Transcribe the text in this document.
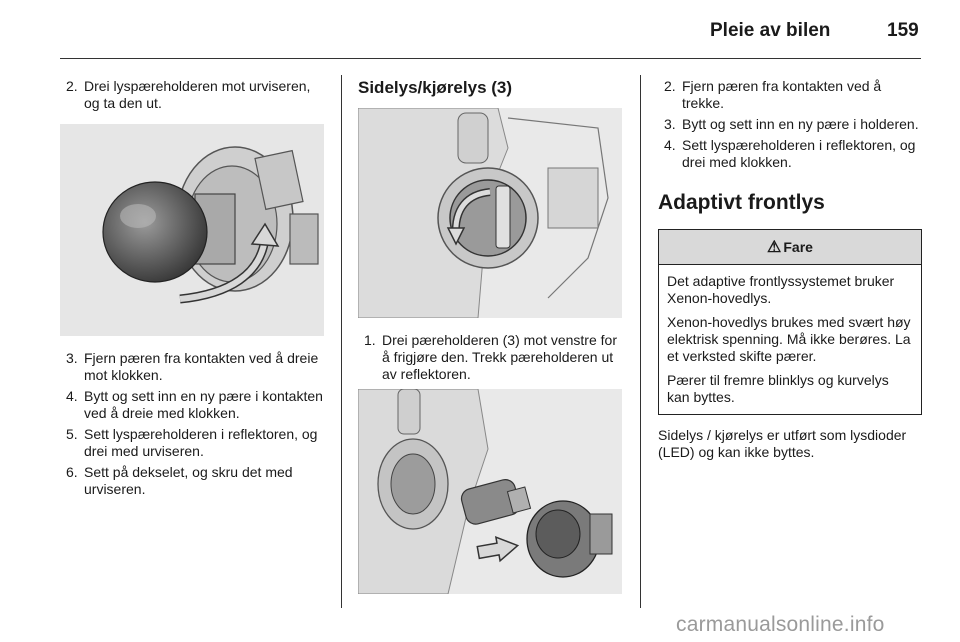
Pleie av bilen	159
2. Drei lyspæreholderen mot urviseren, og ta den ut.
3. Fjern pæren fra kontakten ved å dreie mot klokken.
4. Bytt og sett inn en ny pære i kontakten ved å dreie med klokken.
5. Sett lyspæreholderen i reflektoren, og drei med urviseren.
6. Sett på dekselet, og skru det med urviseren.
Sidelys/kjørelys (3)
1. Drei pæreholderen (3) mot venstre for å frigjøre den. Trekk pæreholderen ut av reflektoren.
2. Fjern pæren fra kontakten ved å trekke.
3. Bytt og sett inn en ny pære i holderen.
4. Sett lyspæreholderen i reflektoren, og drei med klokken.
Adaptivt frontlys
⚠ Fare

Det adaptive frontlyssystemet bruker Xenon-hovedlys.

Xenon-hovedlys brukes med svært høy elektrisk spenning. Må ikke berøres. La et verksted skifte pærer.

Pærer til fremre blinklys og kurvelys kan byttes.

Sidelys / kjørelys er utført som lysdioder (LED) og kan ikke byttes.

carmanualsonline.info
